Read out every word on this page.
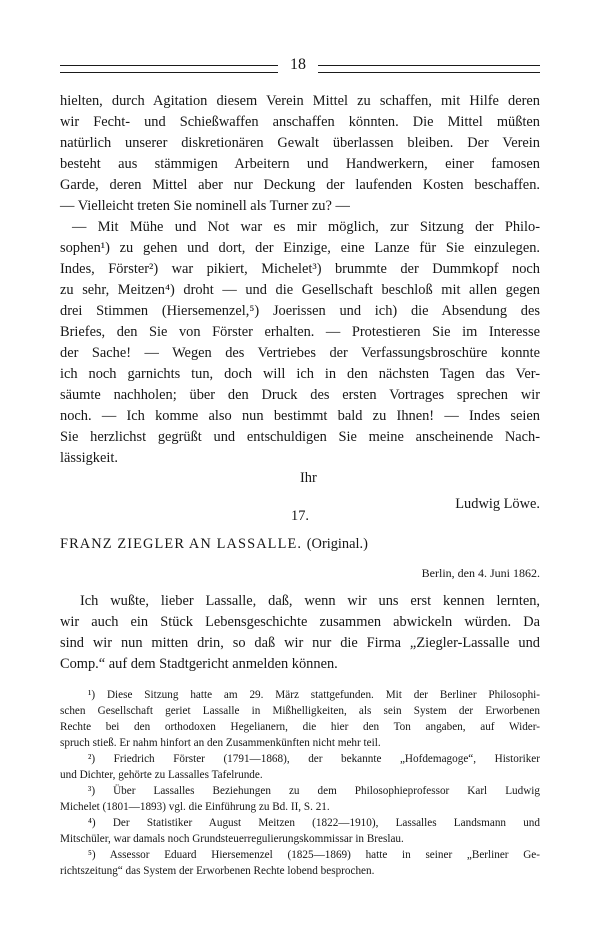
18
hielten, durch Agitation diesem Verein Mittel zu schaffen, mit Hilfe deren
wir Fecht- und Schießwaffen anschaffen könnten. Die Mittel müßten
natürlich unserer diskretionären Gewalt überlassen bleiben. Der Verein
besteht aus stämmigen Arbeitern und Handwerkern, einer famosen
Garde, deren Mittel aber nur Deckung der laufenden Kosten beschaffen.
— Vielleicht treten Sie nominell als Turner zu? —
— Mit Mühe und Not war es mir möglich, zur Sitzung der Philo-
sophen¹) zu gehen und dort, der Einzige, eine Lanze für Sie einzulegen.
Indes, Förster²) war pikiert, Michelet³) brummte der Dummkopf noch
zu sehr, Meitzen⁴) droht — und die Gesellschaft beschloß mit allen gegen
drei Stimmen (Hiersemenzel,⁵) Joerissen und ich) die Absendung des
Briefes, den Sie von Förster erhalten. — Protestieren Sie im Interesse
der Sache! — Wegen des Vertriebes der Verfassungsbroschüre konnte
ich noch garnichts tun, doch will ich in den nächsten Tagen das Ver-
säumte nachholen; über den Druck des ersten Vortrages sprechen wir
noch. — Ich komme also nun bestimmt bald zu Ihnen! — Indes seien
Sie herzlichst gegrüßt und entschuldigen Sie meine anscheinende Nach-
lässigkeit.
Ihr
Ludwig Löwe.
17.
FRANZ ZIEGLER AN LASSALLE. (Original.)
Berlin, den 4. Juni 1862.
Ich wußte, lieber Lassalle, daß, wenn wir uns erst kennen lernten,
wir auch ein Stück Lebensgeschichte zusammen abwickeln würden. Da
sind wir nun mitten drin, so daß wir nur die Firma „Ziegler-Lassalle und
Comp.“ auf dem Stadtgericht anmelden können.
¹) Diese Sitzung hatte am 29. März stattgefunden. Mit der Berliner Philosophi-
schen Gesellschaft geriet Lassalle in Mißhelligkeiten, als sein System der Erworbenen
Rechte bei den orthodoxen Hegelianern, die hier den Ton angaben, auf Wider-
spruch stieß. Er nahm hinfort an den Zusammenkünften nicht mehr teil.
²) Friedrich Förster (1791—1868), der bekannte „Hofdemagoge“, Historiker
und Dichter, gehörte zu Lassalles Tafelrunde.
³) Über Lassalles Beziehungen zu dem Philosophieprofessor Karl Ludwig
Michelet (1801—1893) vgl. die Einführung zu Bd. II, S. 21.
⁴) Der Statistiker August Meitzen (1822—1910), Lassalles Landsmann und
Mitschüler, war damals noch Grundsteuerregulierungskommissar in Breslau.
⁵) Assessor Eduard Hiersemenzel (1825—1869) hatte in seiner „Berliner Ge-
richtszeitung“ das System der Erworbenen Rechte lobend besprochen.
